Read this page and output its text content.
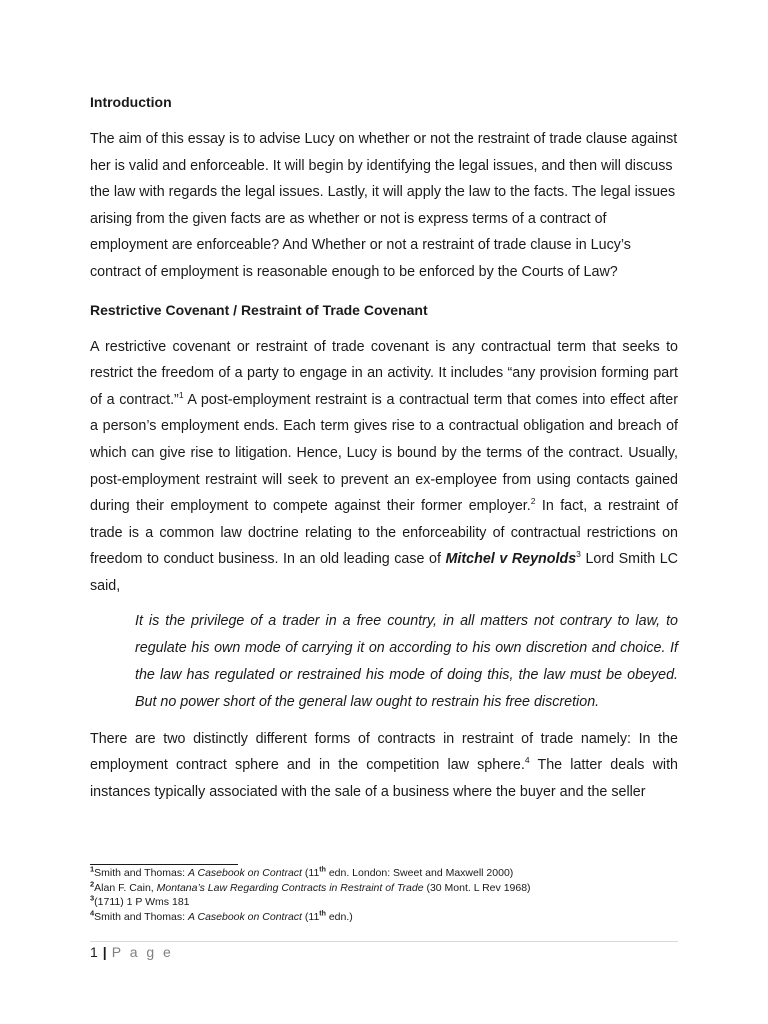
Introduction

The aim of this essay is to advise Lucy on whether or not the restraint of trade clause against her is valid and enforceable. It will begin by identifying the legal issues, and then will discuss the law with regards the legal issues. Lastly, it will apply the law to the facts. The legal issues arising from the given facts are as whether or not is express terms of a contract of employment are enforceable? And Whether or not a restraint of trade clause in Lucy’s contract of employment is reasonable enough to be enforced by the Courts of Law?

Restrictive Covenant / Restraint of Trade Covenant

A restrictive covenant or restraint of trade covenant is any contractual term that seeks to restrict the freedom of a party to engage in an activity. It includes “any provision forming part of a contract.”$^1$ A post-employment restraint is a contractual term that comes into effect after a person’s employment ends. Each term gives rise to a contractual obligation and breach of which can give rise to litigation. Hence, Lucy is bound by the terms of the contract. Usually, post-employment restraint will seek to prevent an ex-employee from using contacts gained during their employment to compete against their former employer.$^2$ In fact, a restraint of trade is a common law doctrine relating to the enforceability of contractual restrictions on freedom to conduct business. In an old leading case of Mitchel v Reynolds$^3$ Lord Smith LC said,

It is the privilege of a trader in a free country, in all matters not contrary to law, to regulate his own mode of carrying it on according to his own discretion and choice. If the law has regulated or restrained his mode of doing this, the law must be obeyed. But no power short of the general law ought to restrain his free discretion.

There are two distinctly different forms of contracts in restraint of trade namely: In the employment contract sphere and in the competition law sphere.$^4$ The latter deals with instances typically associated with the sale of a business where the buyer and the seller

$^1$Smith and Thomas: A Casebook on Contract (11th edn. London: Sweet and Maxwell 2000)
$^2$Alan F. Cain, Montana’s Law Regarding Contracts in Restraint of Trade (30 Mont. L Rev 1968)
$^3$(1711) 1 P Wms 181
$^4$Smith and Thomas: A Casebook on Contract (11th edn.)
1 | P a g e
